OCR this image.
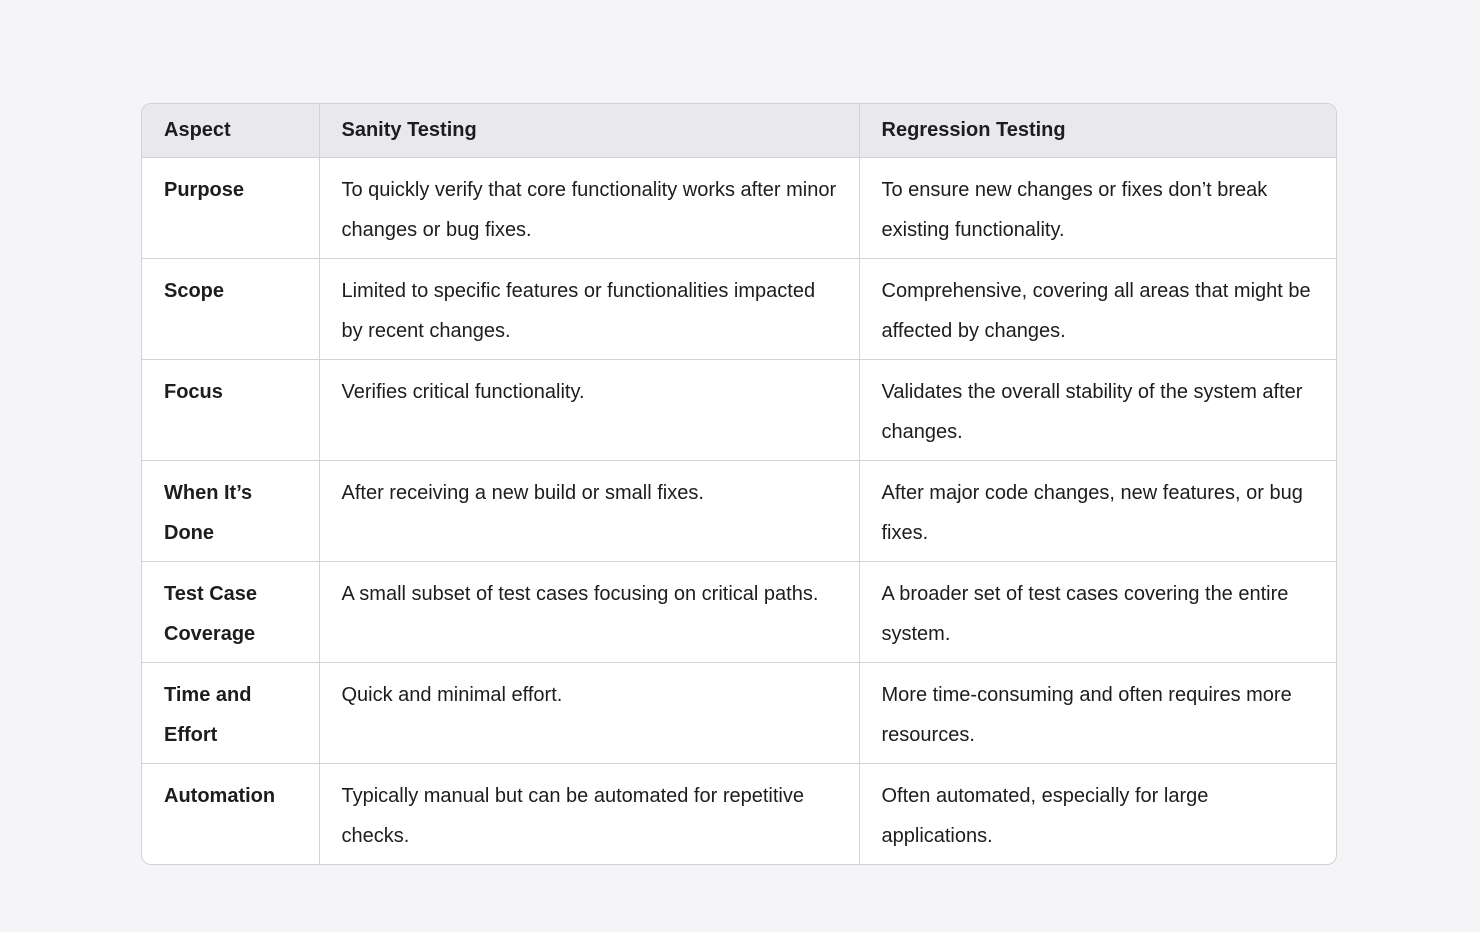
Aspect	Sanity Testing	Regression Testing
Purpose	To quickly verify that core functionality works after minor changes or bug fixes.	To ensure new changes or fixes don’t break existing functionality.
Scope	Limited to specific features or functionalities impacted by recent changes.	Comprehensive, covering all areas that might be affected by changes.
Focus	Verifies critical functionality.	Validates the overall stability of the system after changes.
When It’s Done	After receiving a new build or small fixes.	After major code changes, new features, or bug fixes.
Test Case Coverage	A small subset of test cases focusing on critical paths.	A broader set of test cases covering the entire system.
Time and Effort	Quick and minimal effort.	More time-consuming and often requires more resources.
Automation	Typically manual but can be automated for repetitive checks.	Often automated, especially for large applications.
